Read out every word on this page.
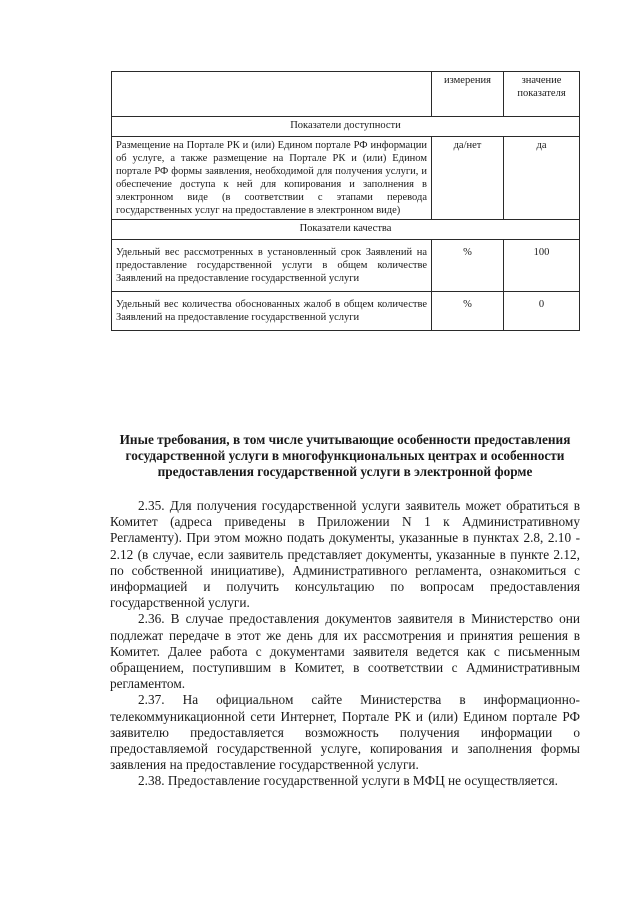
	измерения	значение показателя
Показатели доступности		
Размещение на Портале РК и (или) Едином портале РФ информации об услуге, а также размещение на Портале РК и (или) Едином портале РФ формы заявления, необходимой для получения услуги, и обеспечение доступа к ней для копирования и заполнения в электронном виде (в соответствии с этапами перевода государственных услуг на предоставление в электронном виде)	да/нет	да
Показатели качества		
Удельный вес рассмотренных в установленный срок Заявлений на предоставление государственной услуги в общем количестве Заявлений на предоставление государственной услуги	%	100
Удельный вес количества обоснованных жалоб в общем количестве Заявлений на предоставление государственной услуги	%	0
Иные требования, в том числе учитывающие особенности предоставления государственной услуги в многофункциональных центрах и особенности предоставления государственной услуги в электронной форме

2.35. Для получения государственной услуги заявитель может обратиться в Комитет (адреса приведены в Приложении N 1 к Административному Регламенту). При этом можно подать документы, указанные в пунктах 2.8, 2.10 - 2.12 (в случае, если заявитель представляет документы, указанные в пункте 2.12, по собственной инициативе), Административного регламента, ознакомиться с информацией и получить консультацию по вопросам предоставления государственной услуги.

2.36. В случае предоставления документов заявителя в Министерство они подлежат передаче в этот же день для их рассмотрения и принятия решения в Комитет. Далее работа с документами заявителя ведется как с письменным обращением, поступившим в Комитет, в соответствии с Административным регламентом.

2.37. На официальном сайте Министерства в информационно-телекоммуникационной сети Интернет, Портале РК и (или) Едином портале РФ заявителю предоставляется возможность получения информации о предоставляемой государственной услуге, копирования и заполнения формы заявления на предоставление государственной услуги.

2.38. Предоставление государственной услуги в МФЦ не осуществляется.
